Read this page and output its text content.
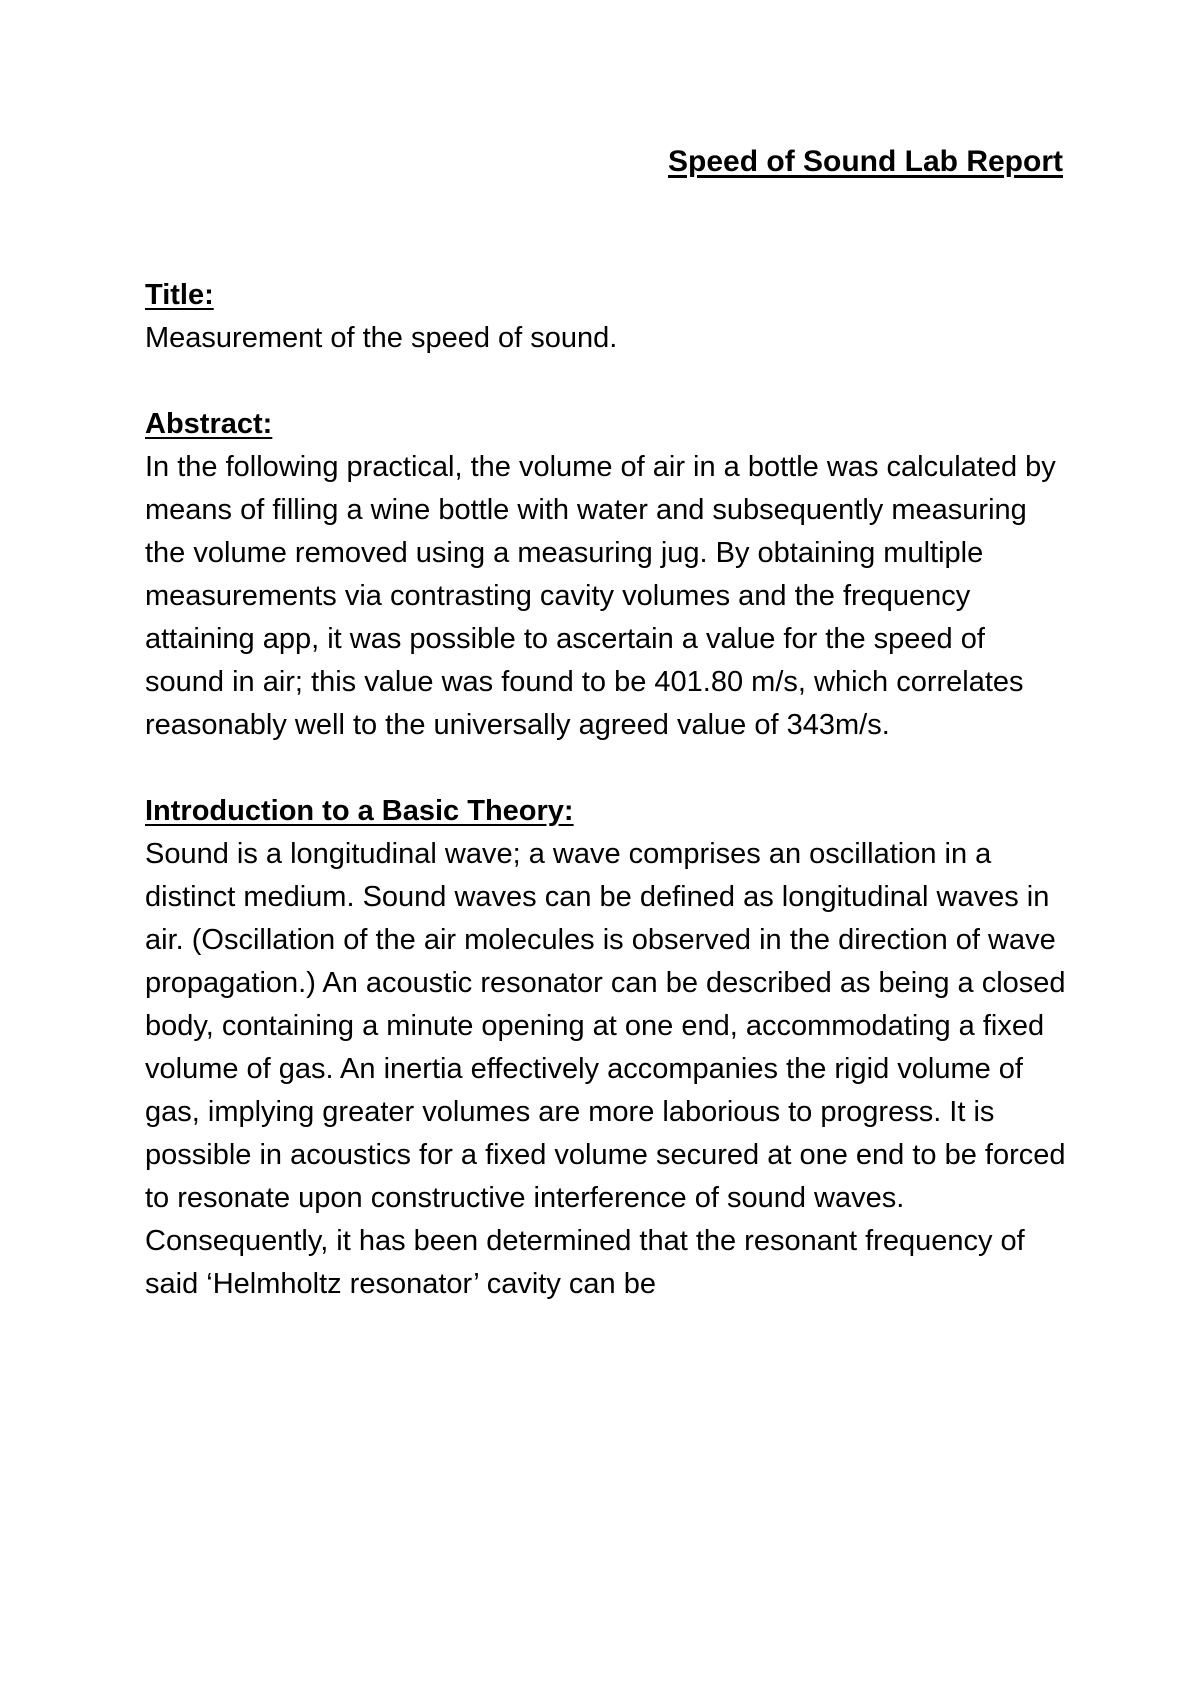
Speed of Sound Lab Report
Title:
Measurement of the speed of sound.
Abstract:
In the following practical, the volume of air in a bottle was calculated by means of filling a wine bottle with water and subsequently measuring the volume removed using a measuring jug. By obtaining multiple measurements via contrasting cavity volumes and the frequency attaining app, it was possible to ascertain a value for the speed of sound in air; this value was found to be 401.80 m/s, which correlates reasonably well to the universally agreed value of 343m/s.
Introduction to a Basic Theory:
Sound is a longitudinal wave; a wave comprises an oscillation in a distinct medium. Sound waves can be defined as longitudinal waves in air. (Oscillation of the air molecules is observed in the direction of wave propagation.) An acoustic resonator can be described as being a closed body, containing a minute opening at one end, accommodating a fixed volume of gas. An inertia effectively accompanies the rigid volume of gas, implying greater volumes are more laborious to progress. It is possible in acoustics for a fixed volume secured at one end to be forced to resonate upon constructive interference of sound waves.
Consequently, it has been determined that the resonant frequency of said ‘Helmholtz resonator’ cavity can be
